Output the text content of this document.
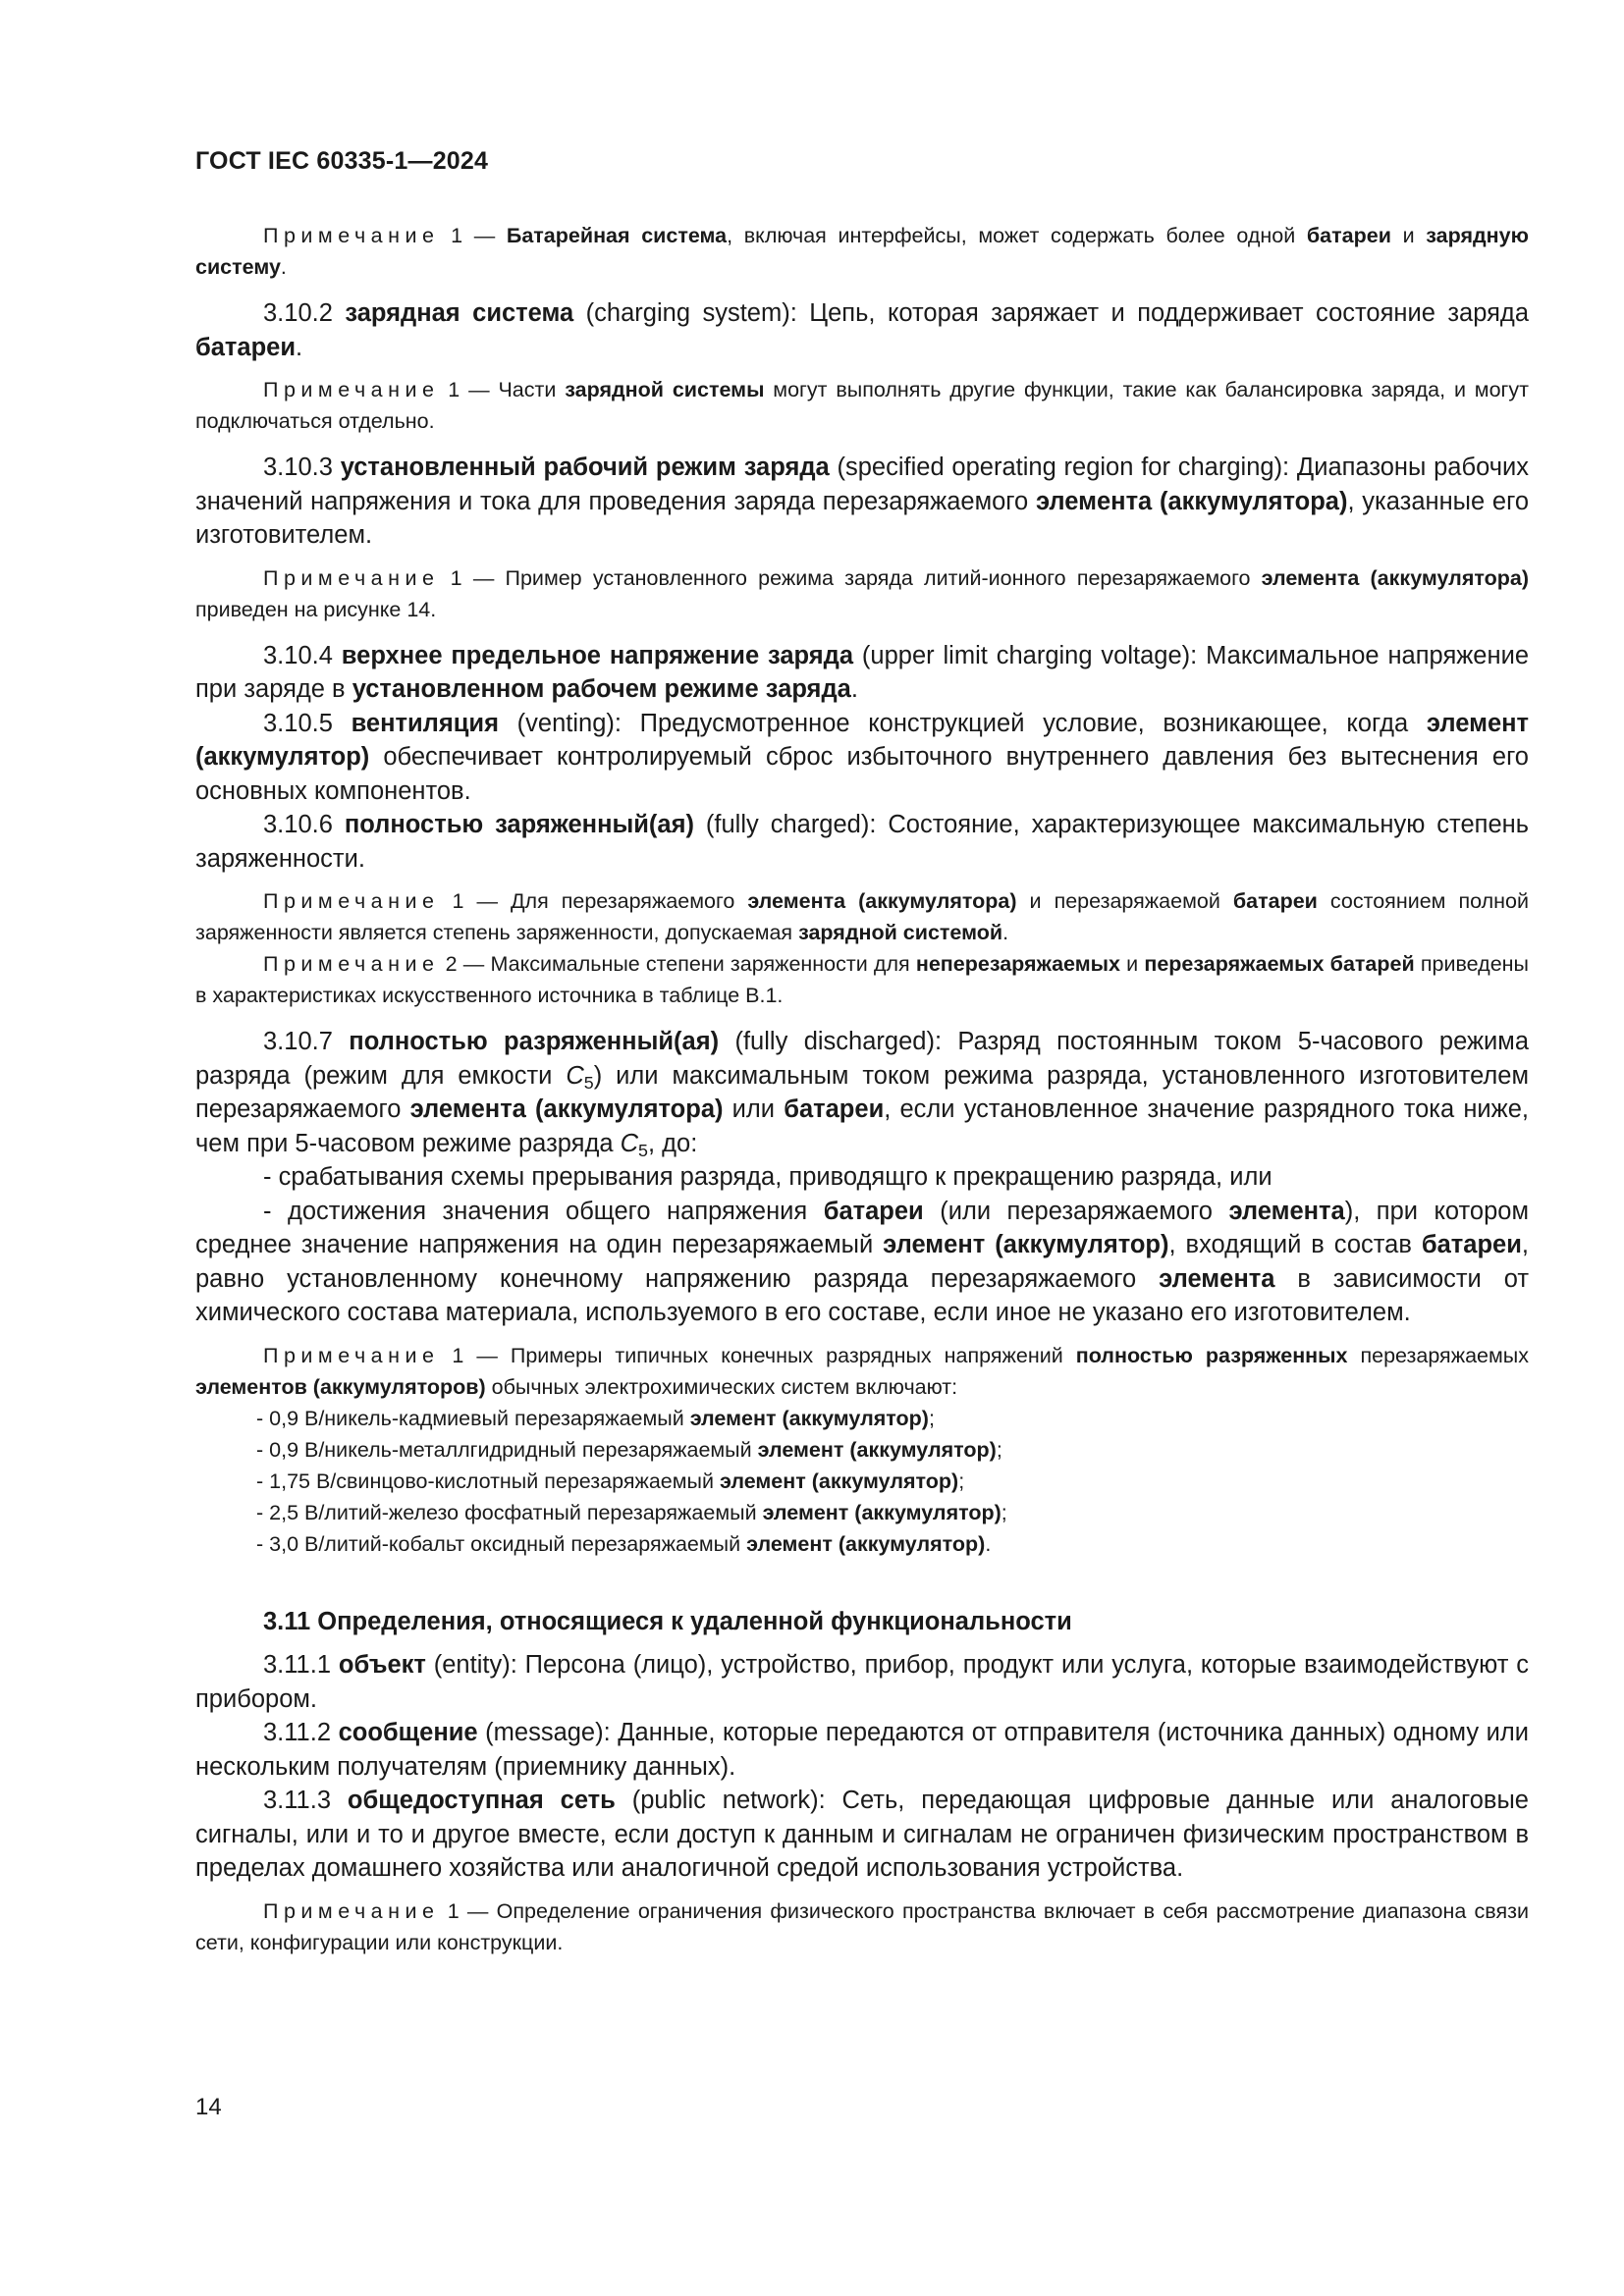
ГОСТ IEC 60335-1—2024

Примечание 1 — Батарейная система, включая интерфейсы, может содержать более одной батареи и зарядную систему.

3.10.2 зарядная система (charging system): Цепь, которая заряжает и поддерживает состояние заряда батареи.

Примечание 1 — Части зарядной системы могут выполнять другие функции, такие как балансировка заряда, и могут подключаться отдельно.

3.10.3 установленный рабочий режим заряда (specified operating region for charging): Диапазоны рабочих значений напряжения и тока для проведения заряда перезаряжаемого элемента (аккумулятора), указанные его изготовителем.

Примечание 1 — Пример установленного режима заряда литий-ионного перезаряжаемого элемента (аккумулятора) приведен на рисунке 14.

3.10.4 верхнее предельное напряжение заряда (upper limit charging voltage): Максимальное напряжение при заряде в установленном рабочем режиме заряда.

3.10.5 вентиляция (venting): Предусмотренное конструкцией условие, возникающее, когда элемент (аккумулятор) обеспечивает контролируемый сброс избыточного внутреннего давления без вытеснения его основных компонентов.

3.10.6 полностью заряженный(ая) (fully charged): Состояние, характеризующее максимальную степень заряженности.

Примечание 1 — Для перезаряжаемого элемента (аккумулятора) и перезаряжаемой батареи состоянием полной заряженности является степень заряженности, допускаемая зарядной системой.

Примечание 2 — Максимальные степени заряженности для неперезаряжаемых и перезаряжаемых батарей приведены в характеристиках искусственного источника в таблице В.1.

3.10.7 полностью разряженный(ая) (fully discharged): Разряд постоянным током 5-часового режима разряда (режим для емкости $C_5$) или максимальным током режима разряда, установленного изготовителем перезаряжаемого элемента (аккумулятора) или батареи, если установленное значение разрядного тока ниже, чем при 5-часовом режиме разряда $C_5$, до:

- срабатывания схемы прерывания разряда, приводящго к прекращению разряда, или

- достижения значения общего напряжения батареи (или перезаряжаемого элемента), при котором среднее значение напряжения на один перезаряжаемый элемент (аккумулятор), входящий в состав батареи, равно установленному конечному напряжению разряда перезаряжаемого элемента в зависимости от химического состава материала, используемого в его составе, если иное не указано его изготовителем.

Примечание 1 — Примеры типичных конечных разрядных напряжений полностью разряженных перезаряжаемых элементов (аккумуляторов) обычных электрохимических систем включают:

- 0,9 В/никель-кадмиевый перезаряжаемый элемент (аккумулятор);

- 0,9 В/никель-металлгидридный перезаряжаемый элемент (аккумулятор);

- 1,75 В/свинцово-кислотный перезаряжаемый элемент (аккумулятор);

- 2,5 В/литий-железо фосфатный перезаряжаемый элемент (аккумулятор);

- 3,0 В/литий-кобальт оксидный перезаряжаемый элемент (аккумулятор).

3.11 Определения, относящиеся к удаленной функциональности

3.11.1 объект (entity): Персона (лицо), устройство, прибор, продукт или услуга, которые взаимодействуют с прибором.

3.11.2 сообщение (message): Данные, которые передаются от отправителя (источника данных) одному или нескольким получателям (приемнику данных).

3.11.3 общедоступная сеть (public network): Сеть, передающая цифровые данные или аналоговые сигналы, или и то и другое вместе, если доступ к данным и сигналам не ограничен физическим пространством в пределах домашнего хозяйства или аналогичной средой использования устройства.

Примечание 1 — Определение ограничения физического пространства включает в себя рассмотрение диапазона связи сети, конфигурации или конструкции.

14
